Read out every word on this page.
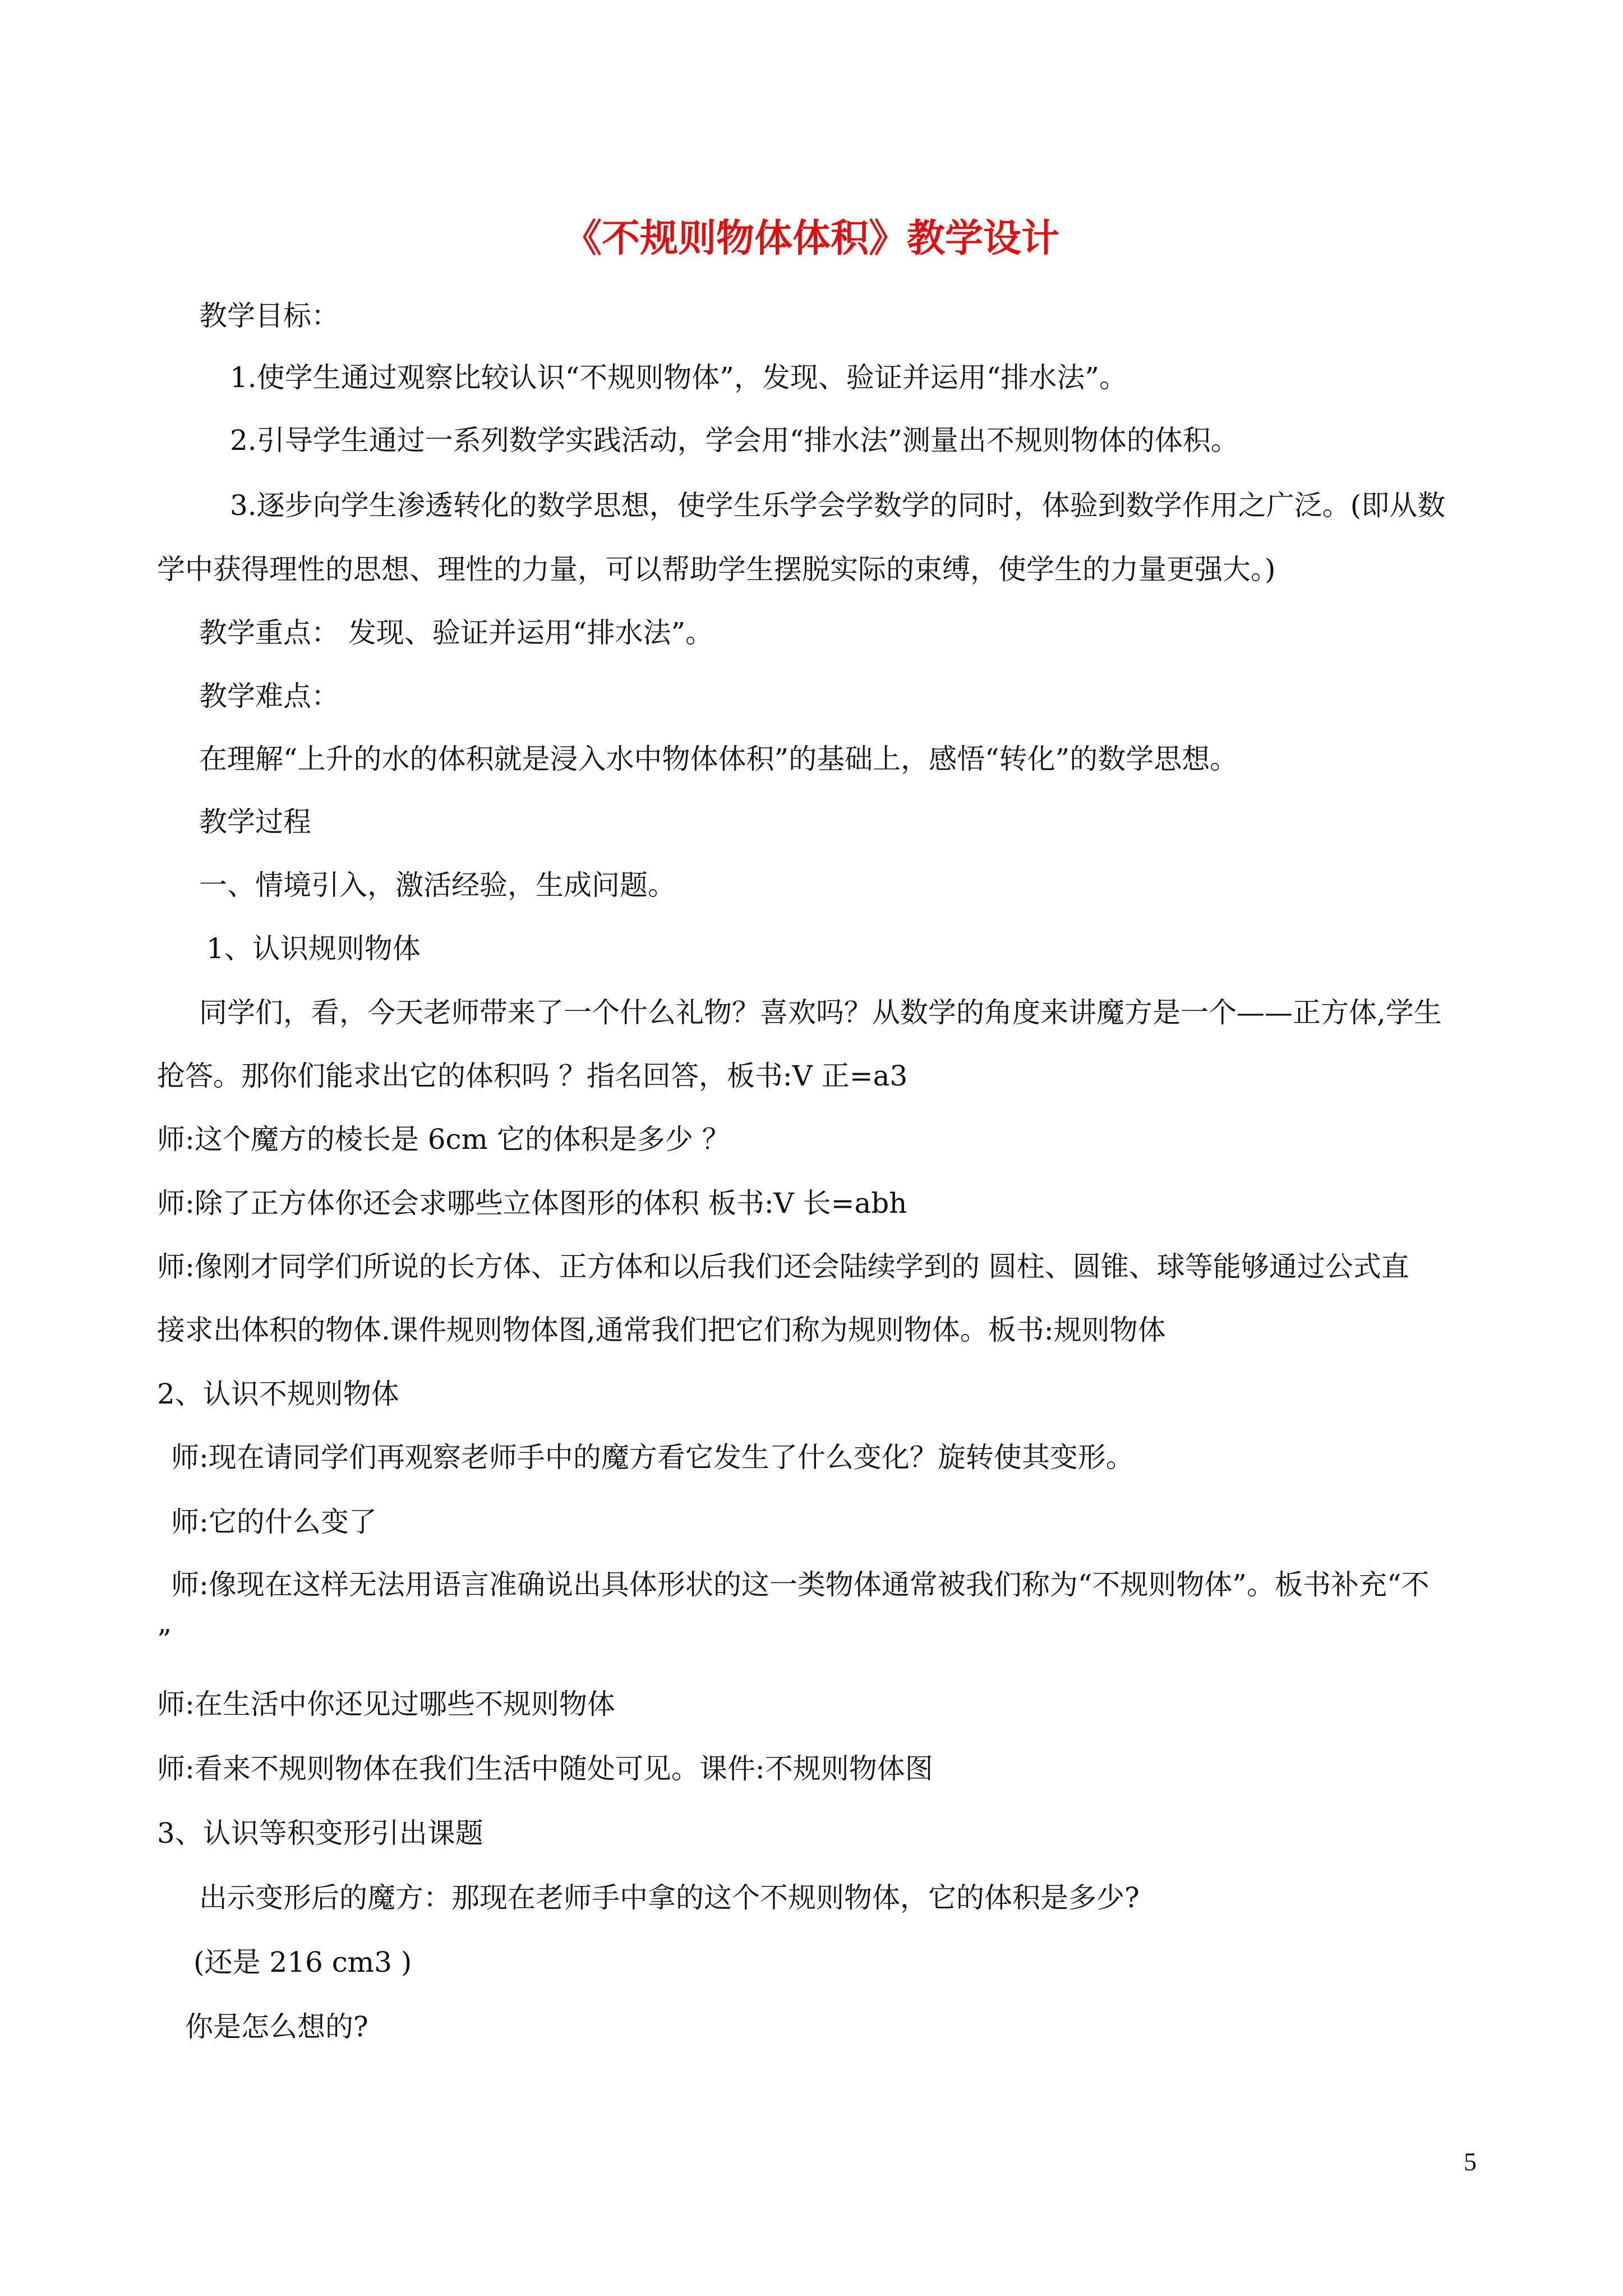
《不规则物体体积》教学设计

教学目标：

1.使学生通过观察比较认识“不规则物体”，发现、验证并运用“排水法”。

2.引导学生通过一系列数学实践活动，学会用“排水法”测量出不规则物体的体积。

3.逐步向学生渗透转化的数学思想，使学生乐学会学数学的同时，体验到数学作用之广泛。(即从数

学中获得理性的思想、理性的力量，可以帮助学生摆脱实际的束缚，使学生的力量更强大。)

教学重点： 发现、验证并运用“排水法”。

教学难点：

在理解“上升的水的体积就是浸入水中物体体积”的基础上，感悟“转化”的数学思想。

教学过程

一、情境引入，激活经验，生成问题。

1、认识规则物体

同学们，看，今天老师带来了一个什么礼物？喜欢吗？从数学的角度来讲魔方是一个——正方体,学生

抢答。那你们能求出它的体积吗 ？指名回答，板书:V 正=a3

师:这个魔方的棱长是 6cm 它的体积是多少 ？

师:除了正方体你还会求哪些立体图形的体积 板书:V 长=abh

师:像刚才同学们所说的长方体、正方体和以后我们还会陆续学到的 圆柱、圆锥、球等能够通过公式直

接求出体积的物体.课件规则物体图,通常我们把它们称为规则物体。板书:规则物体

2、认识不规则物体

师:现在请同学们再观察老师手中的魔方看它发生了什么变化？旋转使其变形。

师:它的什么变了

师:像现在这样无法用语言准确说出具体形状的这一类物体通常被我们称为“不规则物体”。板书补充“不

”

师:在生活中你还见过哪些不规则物体

师:看来不规则物体在我们生活中随处可见。课件:不规则物体图

3、认识等积变形引出课题

出示变形后的魔方：那现在老师手中拿的这个不规则物体，它的体积是多少?

(还是 216 cm3 )

你是怎么想的?

5
